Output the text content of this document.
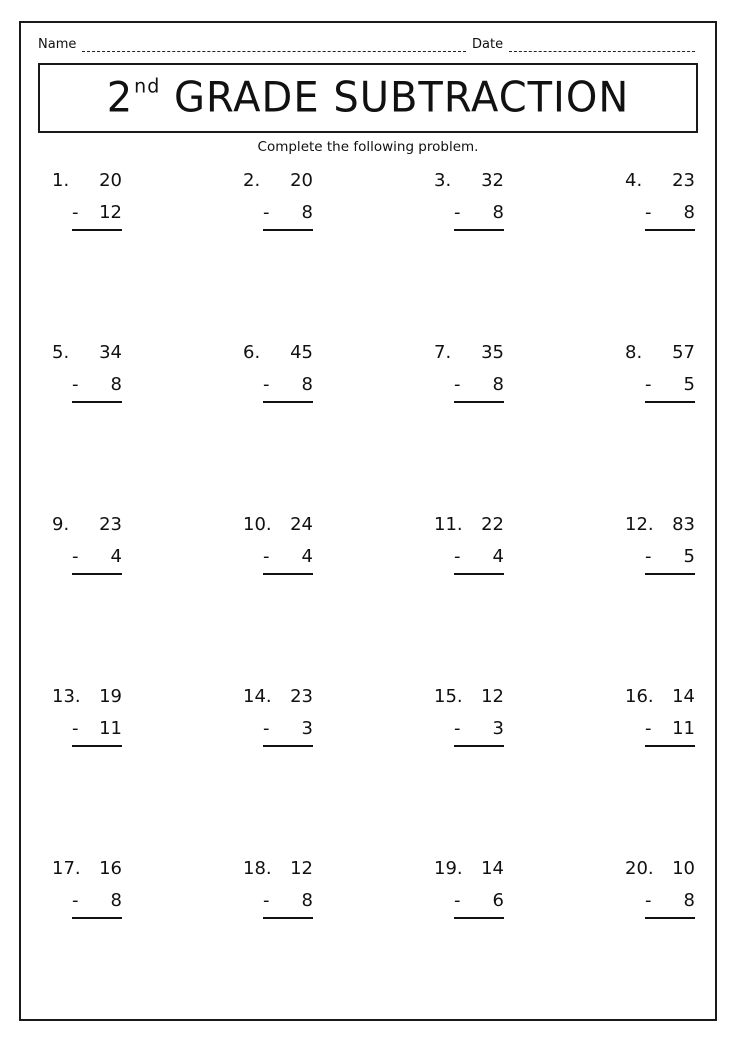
Name	Date
2nd GRADE SUBTRACTION
Complete the following problem.
1. 20
- 12
2. 20
- 8
3. 32
- 8
4. 23
- 8
5. 34
- 8
6. 45
- 8
7. 35
- 8
8. 57
- 5
9. 23
- 4
10. 24
- 4
11. 22
- 4
12. 83
- 5
13. 19
- 11
14. 23
- 3
15. 12
- 3
16. 14
- 11
17. 16
- 8
18. 12
- 8
19. 14
- 6
20. 10
- 8
